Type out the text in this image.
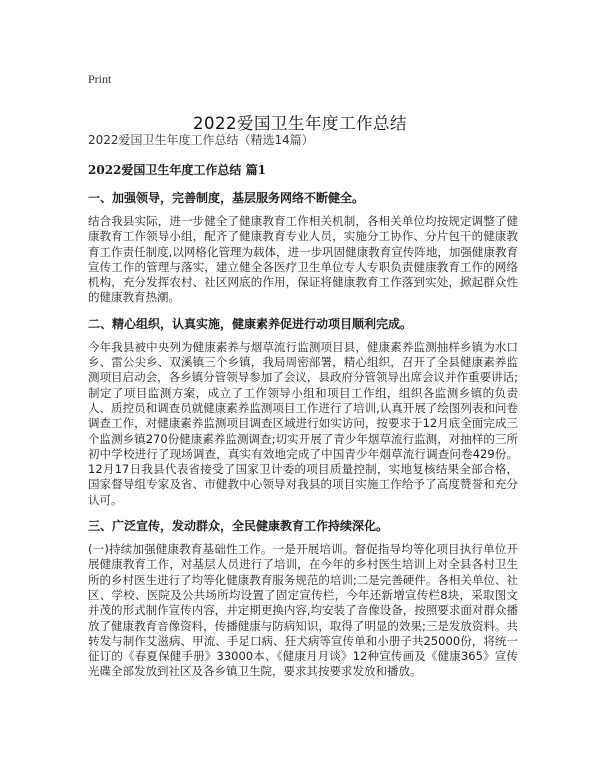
Print
2022爱国卫生年度工作总结

2022爱国卫生年度工作总结（精选14篇）

2022爱国卫生年度工作总结 篇1

一、加强领导，完善制度，基层服务网络不断健全。

结合我县实际，进一步健全了健康教育工作相关机制，各相关单位均按规定调整了健康教育工作领导小组，配齐了健康教育专业人员，实施分工协作、分片包干的健康教育工作责任制度,以网格化管理为载体，进一步巩固健康教育宣传阵地，加强健康教育宣传工作的管理与落实，建立健全各医疗卫生单位专人专职负责健康教育工作的网络机构，充分发挥农村、社区网底的作用，保证将健康教育工作落到实处，掀起群众性的健康教育热潮。

二、精心组织，认真实施，健康素养促进行动项目顺利完成。

今年我县被中央列为健康素养与烟草流行监测项目县，健康素养监测抽样乡镇为水口乡、雷公尖乡、双溪镇三个乡镇，我局周密部署，精心组织，召开了全县健康素养监测项目启动会，各乡镇分管领导参加了会议，县政府分管领导出席会议并作重要讲话;制定了项目监测方案，成立了工作领导小组和项目工作组，组织各监测乡镇的负责人、质控员和调查员就健康素养监测项目工作进行了培训,认真开展了绘图列表和问卷调查工作，对健康素养监测项目调查区域进行如实访问，按要求于12月底全面完成三个监测乡镇270份健康素养监测调查;切实开展了青少年烟草流行监测，对抽样的三所初中学校进行了现场调查，真实有效地完成了中国青少年烟草流行调查问卷429份。12月17日我县代表省接受了国家卫计委的项目质量控制，实地复核结果全部合格，国家督导组专家及省、市健教中心领导对我县的项目实施工作给予了高度赞誉和充分认可。

三、广泛宣传，发动群众，全民健康教育工作持续深化。

(一)持续加强健康教育基础性工作。一是开展培训。督促指导均等化项目执行单位开展健康教育工作，对基层人员进行了培训，在今年的乡村医生培训上对全县各村卫生所的乡村医生进行了均等化健康教育服务规范的培训;二是完善硬件。各相关单位、社区、学校、医院及公共场所均设置了固定宣传栏，今年还新增宣传栏8块，采取图文并茂的形式制作宣传内容，并定期更换内容,均安装了音像设备，按照要求面对群众播放了健康教育音像资料，传播健康与防病知识，取得了明显的效果;三是发放资料。共转发与制作艾滋病、甲流、手足口病、狂犬病等宣传单和小册子共25000份，将统一征订的《春夏保健手册》33000本、《健康月月谈》12种宣传画及《健康365》宣传光碟全部发放到社区及各乡镇卫生院，要求其按要求发放和播放。
